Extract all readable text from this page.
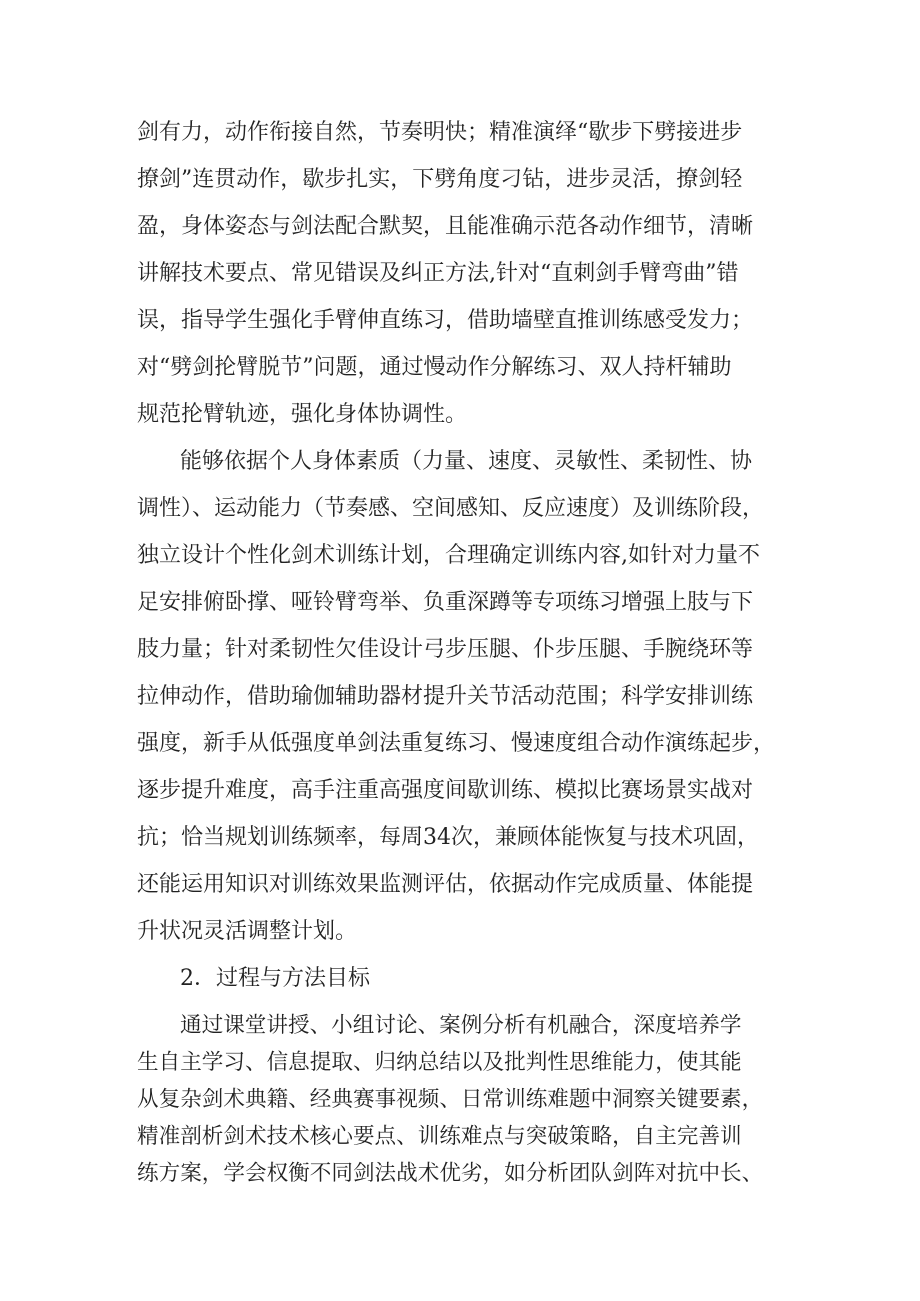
剑有力，动作衔接自然，节奏明快；精准演绎“歇步下劈接进步
撩剑”连贯动作，歇步扎实，下劈角度刁钻，进步灵活，撩剑轻
盈，身体姿态与剑法配合默契，且能准确示范各动作细节，清晰
讲解技术要点、常见错误及纠正方法,针对“直刺剑手臂弯曲”错
误，指导学生强化手臂伸直练习，借助墙壁直推训练感受发力；
对“劈剑抡臂脱节”问题，通过慢动作分解练习、双人持杆辅助
规范抡臂轨迹，强化身体协调性。
能够依据个人身体素质（力量、速度、灵敏性、柔韧性、协
调性）、运动能力（节奏感、空间感知、反应速度）及训练阶段，
独立设计个性化剑术训练计划，合理确定训练内容,如针对力量不
足安排俯卧撑、哑铃臂弯举、负重深蹲等专项练习增强上肢与下
肢力量；针对柔韧性欠佳设计弓步压腿、仆步压腿、手腕绕环等
拉伸动作，借助瑜伽辅助器材提升关节活动范围；科学安排训练
强度，新手从低强度单剑法重复练习、慢速度组合动作演练起步，
逐步提升难度，高手注重高强度间歇训练、模拟比赛场景实战对
抗；恰当规划训练频率，每周34次，兼顾体能恢复与技术巩固，
还能运用知识对训练效果监测评估，依据动作完成质量、体能提
升状况灵活调整计划。
2．过程与方法目标
通过课堂讲授、小组讨论、案例分析有机融合，深度培养学
生自主学习、信息提取、归纳总结以及批判性思维能力，使其能
从复杂剑术典籍、经典赛事视频、日常训练难题中洞察关键要素，
精准剖析剑术技术核心要点、训练难点与突破策略，自主完善训
练方案，学会权衡不同剑法战术优劣，如分析团队剑阵对抗中长、
